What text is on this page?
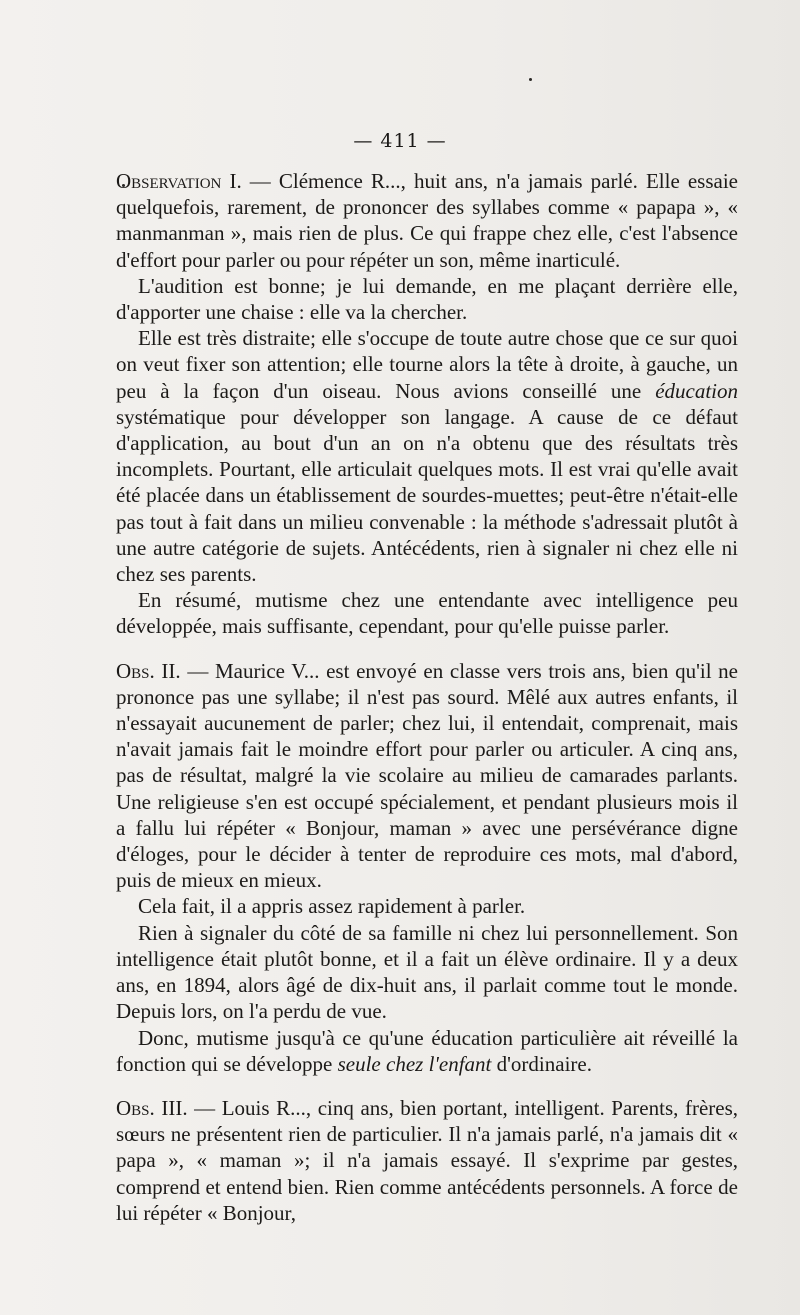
— 411 —

Observation I. — Clémence R..., huit ans, n'a jamais parlé. Elle essaie quelquefois, rarement, de prononcer des syllabes comme « papapa », « manmanman », mais rien de plus. Ce qui frappe chez elle, c'est l'absence d'effort pour parler ou pour répéter un son, même inarticulé.

L'audition est bonne; je lui demande, en me plaçant derrière elle, d'apporter une chaise : elle va la chercher.

Elle est très distraite; elle s'occupe de toute autre chose que ce sur quoi on veut fixer son attention; elle tourne alors la tête à droite, à gauche, un peu à la façon d'un oiseau. Nous avions conseillé une éducation systématique pour développer son langage. A cause de ce défaut d'application, au bout d'un an on n'a obtenu que des résultats très incomplets. Pourtant, elle articulait quelques mots. Il est vrai qu'elle avait été placée dans un établissement de sourdes-muettes; peut-être n'était-elle pas tout à fait dans un milieu convenable : la méthode s'adressait plutôt à une autre catégorie de sujets. Antécédents, rien à signaler ni chez elle ni chez ses parents.

En résumé, mutisme chez une entendante avec intelligence peu développée, mais suffisante, cependant, pour qu'elle puisse parler.

Obs. II. — Maurice V... est envoyé en classe vers trois ans, bien qu'il ne prononce pas une syllabe; il n'est pas sourd. Mêlé aux autres enfants, il n'essayait aucunement de parler; chez lui, il entendait, comprenait, mais n'avait jamais fait le moindre effort pour parler ou articuler. A cinq ans, pas de résultat, malgré la vie scolaire au milieu de camarades parlants. Une religieuse s'en est occupé spécialement, et pendant plusieurs mois il a fallu lui répéter « Bonjour, maman » avec une persévérance digne d'éloges, pour le décider à tenter de reproduire ces mots, mal d'abord, puis de mieux en mieux.

Cela fait, il a appris assez rapidement à parler.

Rien à signaler du côté de sa famille ni chez lui personnellement. Son intelligence était plutôt bonne, et il a fait un élève ordinaire. Il y a deux ans, en 1894, alors âgé de dix-huit ans, il parlait comme tout le monde. Depuis lors, on l'a perdu de vue.

Donc, mutisme jusqu'à ce qu'une éducation particulière ait réveillé la fonction qui se développe seule chez l'enfant d'ordinaire.

Obs. III. — Louis R..., cinq ans, bien portant, intelligent. Parents, frères, sœurs ne présentent rien de particulier. Il n'a jamais parlé, n'a jamais dit « papa », « maman »; il n'a jamais essayé. Il s'exprime par gestes, comprend et entend bien. Rien comme antécédents personnels. A force de lui répéter « Bonjour,
